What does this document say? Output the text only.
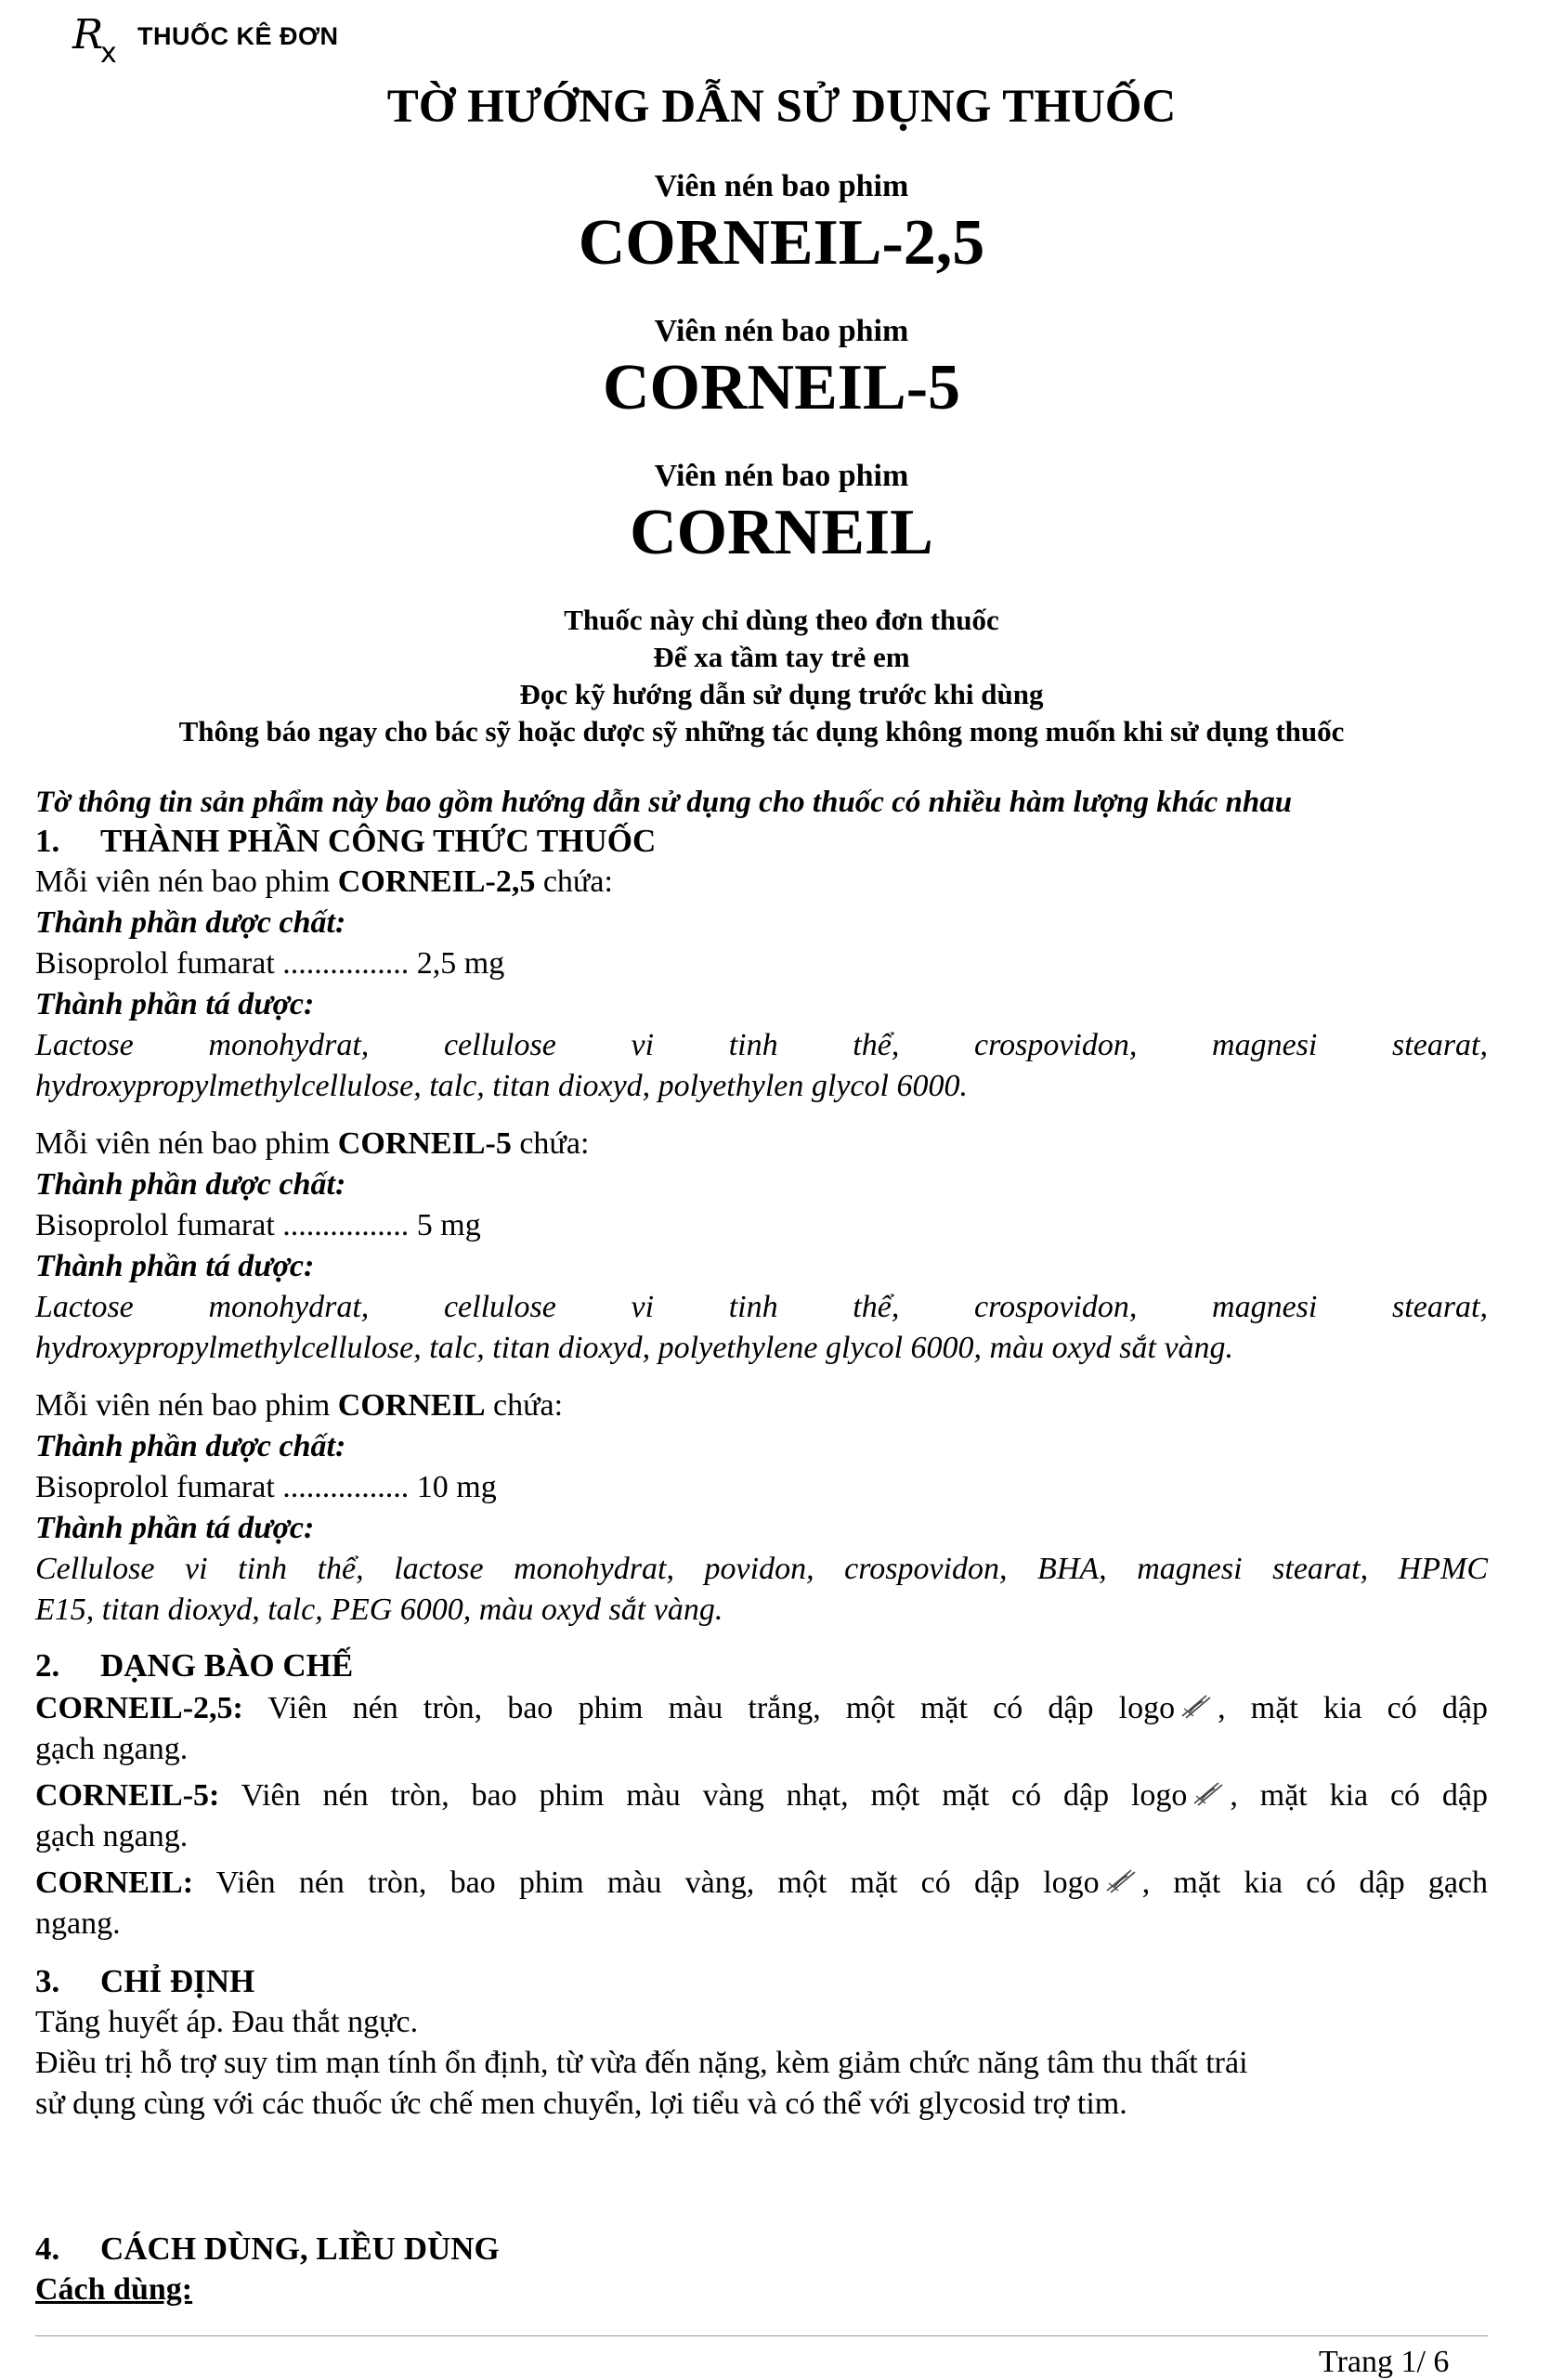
R
x
THUỐC KÊ ĐƠN
TỜ HƯỚNG DẪN SỬ DỤNG THUỐC
Viên nén bao phim
CORNEIL-2,5
Viên nén bao phim
CORNEIL-5
Viên nén bao phim
CORNEIL
Thuốc này chỉ dùng theo đơn thuốc
Để xa tầm tay trẻ em
Đọc kỹ hướng dẫn sử dụng trước khi dùng
Thông báo ngay cho bác sỹ hoặc dược sỹ những tác dụng không mong muốn khi sử dụng thuốc
Tờ thông tin sản phẩm này bao gồm hướng dẫn sử dụng cho thuốc có nhiều hàm lượng khác nhau
1. THÀNH PHẦN CÔNG THỨC THUỐC
Mỗi viên nén bao phim CORNEIL-2,5 chứa:
Thành phần dược chất:
Bisoprolol fumarat ................ 2,5 mg
Thành phần tá dược:
Lactose monohydrat, cellulose vi tinh thể, crospovidon, magnesi stearat,
hydroxypropylmethylcellulose, talc, titan dioxyd, polyethylen glycol 6000.
Mỗi viên nén bao phim CORNEIL-5 chứa:
Thành phần dược chất:
Bisoprolol fumarat ................ 5 mg
Thành phần tá dược:
Lactose monohydrat, cellulose vi tinh thể, crospovidon, magnesi stearat,
hydroxypropylmethylcellulose, talc, titan dioxyd, polyethylene glycol 6000, màu oxyd sắt vàng.
Mỗi viên nén bao phim CORNEIL chứa:
Thành phần dược chất:
Bisoprolol fumarat ................ 10 mg
Thành phần tá dược:
Cellulose vi tinh thể, lactose monohydrat, povidon, crospovidon, BHA, magnesi stearat, HPMC
E15, titan dioxyd, talc, PEG 6000, màu oxyd sắt vàng.
2. DẠNG BÀO CHẾ
CORNEIL-2,5: Viên nén tròn, bao phim màu trắng, một mặt có dập logo , mặt kia có dập
gạch ngang.
CORNEIL-5: Viên nén tròn, bao phim màu vàng nhạt, một mặt có dập logo , mặt kia có dập
gạch ngang.
CORNEIL: Viên nén tròn, bao phim màu vàng, một mặt có dập logo , mặt kia có dập gạch
ngang.
3. CHỈ ĐỊNH
Tăng huyết áp. Đau thắt ngực.
Điều trị hỗ trợ suy tim mạn tính ổn định, từ vừa đến nặng, kèm giảm chức năng tâm thu thất trái
sử dụng cùng với các thuốc ức chế men chuyển, lợi tiểu và có thể với glycosid trợ tim.
4. CÁCH DÙNG, LIỀU DÙNG
Cách dùng:
Trang 1/ 6
